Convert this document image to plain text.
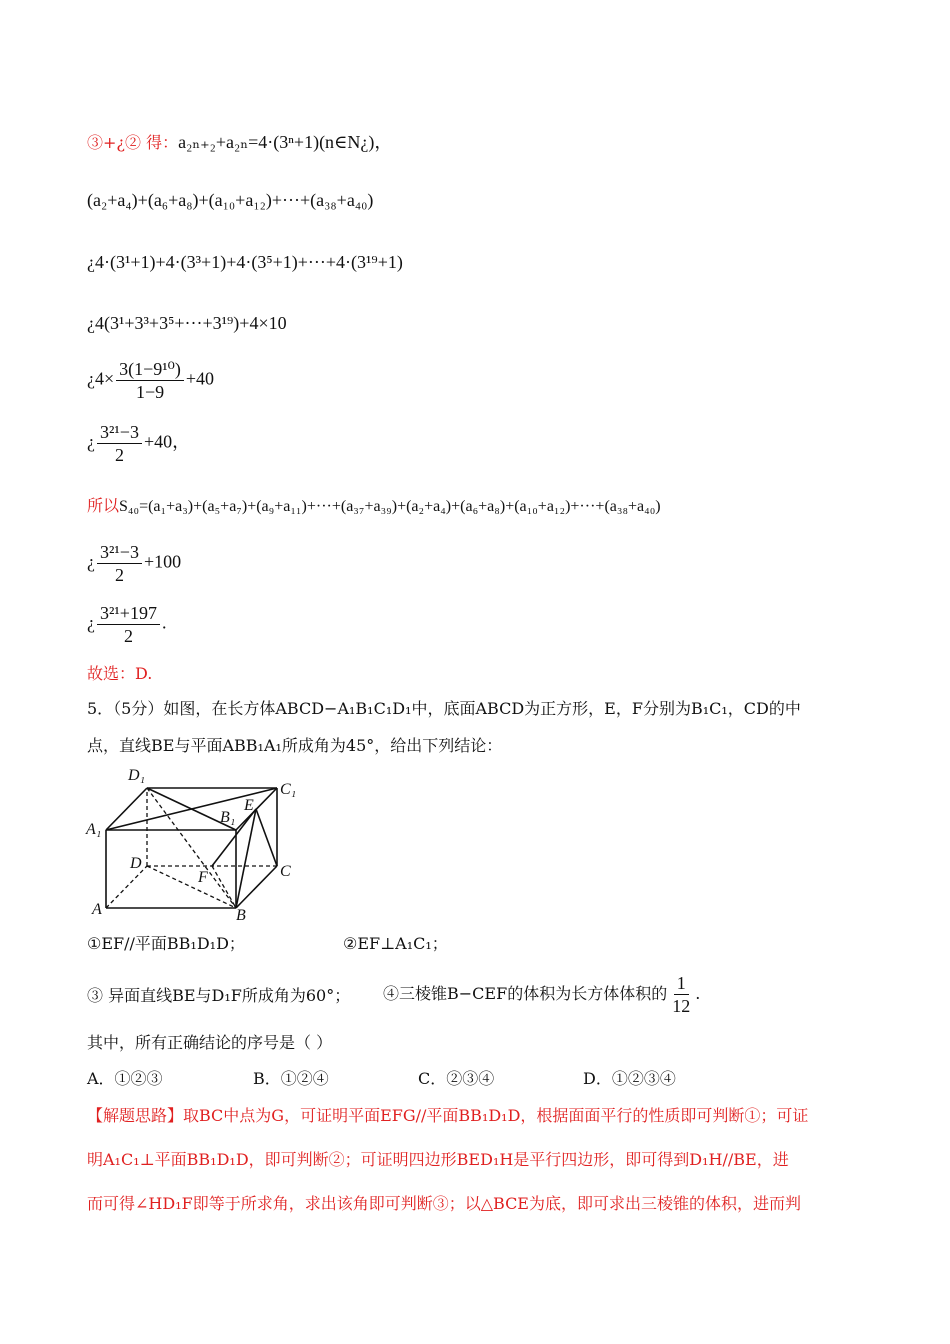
③+¿② 得：a₂ₙ₊₂+a₂ₙ=4·(3ⁿ+1)(n∈N¿)，
(a₂+a₄)+(a₆+a₈)+(a₁₀+a₁₂)+···+(a₃₈+a₄₀)
¿4·(3¹+1)+4·(3³+1)+4·(3⁵+1)+···+4·(3¹⁹+1)
¿4(3¹+3³+3⁵+···+3¹⁹)+4×10
¿$4\times \frac{\text{3(1−9¹⁰)}}{1-9} +40$
¿ $\frac{\text{3²¹−3}}{2} +40$，
所以S₄₀=(a₁+a₃)+(a₅+a₇)+(a₉+a₁₁)+···+(a₃₇+a₃₉)+(a₂+a₄)+(a₆+a₈)+(a₁₀+a₁₂)+···+(a₃₈+a₄₀)
¿ $\frac{\text{3²¹−3}}{2} +100$
¿ $\frac{\text{3²¹+197}}{2}$ .
故选：D.
5．（5分）如图，在长方体ABCD−A₁B₁C₁D₁中，底面ABCD为正方形，E，F分别为B₁C₁，CD的中
点，直线BE与平面ABB₁A₁所成角为45°，给出下列结论：
D₁
C₁
A₁
B₁
E
D	C
F
A	B
①EF//平面BB₁D₁D；	②EF⊥A₁C₁；
③ 异面直线BE与D₁F所成角为60°； ④三棱锥B−CEF的体积为长方体体积的 $\frac{1}{12}$ .
其中，所有正确结论的序号是（ ）
A．①②③	B．①②④	C．②③④	D．①②③④
【解题思路】取BC中点为G，可证明平面EFG//平面BB₁D₁D，根据面面平行的性质即可判断①；可证
明A₁C₁⊥平面BB₁D₁D，即可判断②；可证明四边形BED₁H是平行四边形，即可得到D₁H//BE，进
而可得∠HD₁F即等于所求角，求出该角即可判断③；以△BCE为底，即可求出三棱锥的体积，进而判
